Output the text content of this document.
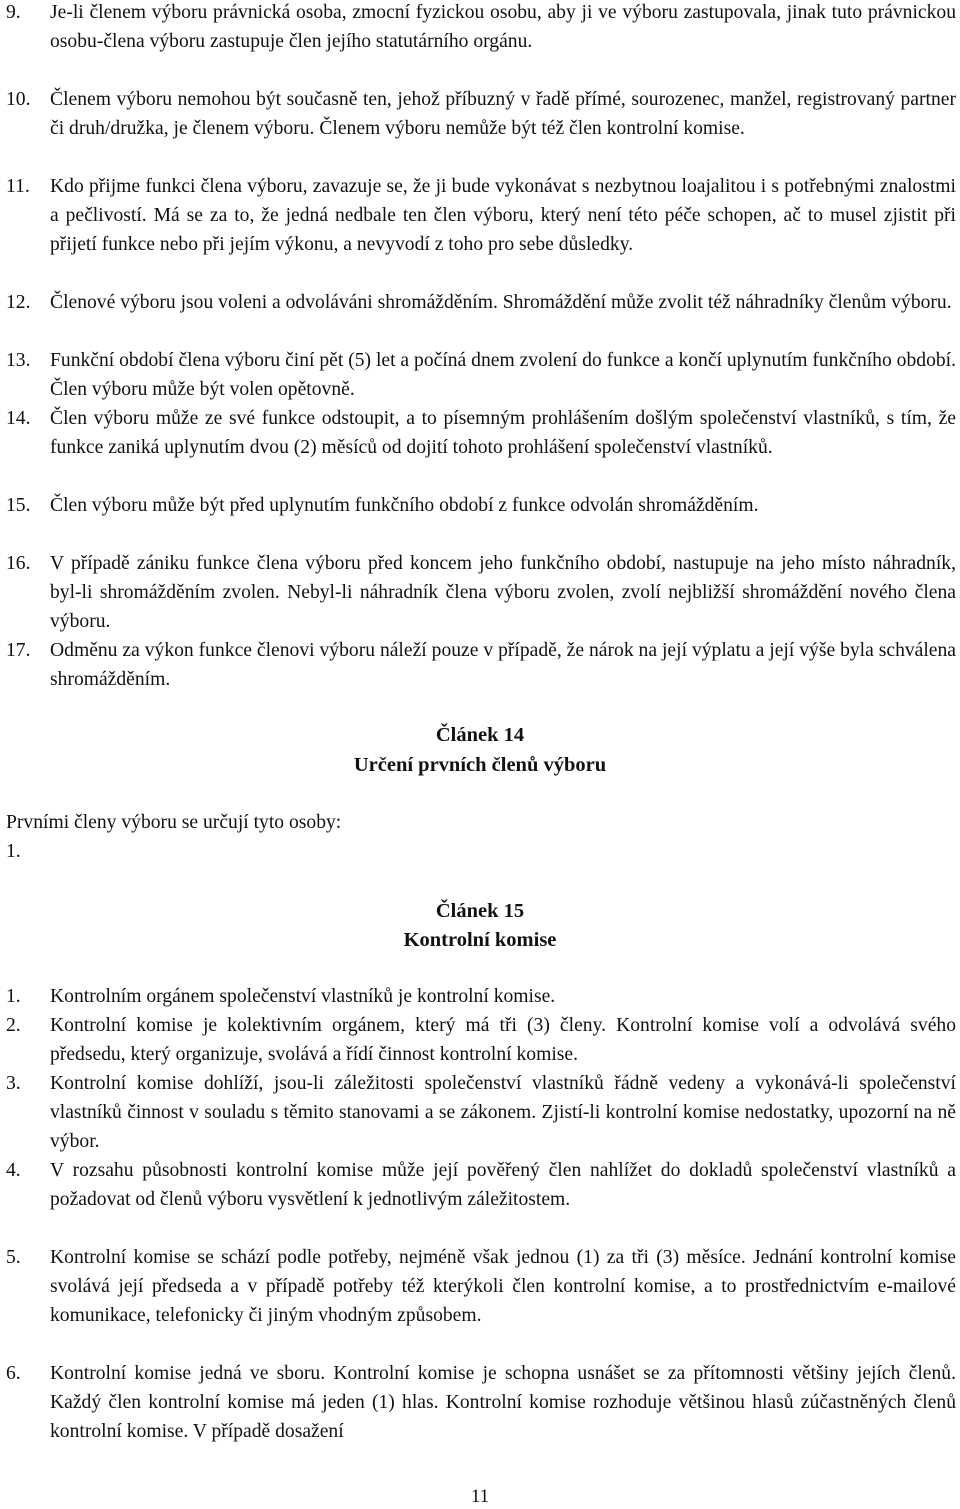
9. Je-li členem výboru právnická osoba, zmocní fyzickou osobu, aby ji ve výboru zastupovala, jinak tuto právnickou osobu-člena výboru zastupuje člen jejího statutárního orgánu.
10. Členem výboru nemohou být současně ten, jehož příbuzný v řadě přímé, sourozenec, manžel, registrovaný partner či druh/družka, je členem výboru. Členem výboru nemůže být též člen kontrolní komise.
11. Kdo přijme funkci člena výboru, zavazuje se, že ji bude vykonávat s nezbytnou loajalitou i s potřebnými znalostmi a pečlivostí. Má se za to, že jedná nedbale ten člen výboru, který není této péče schopen, ač to musel zjistit při přijetí funkce nebo při jejím výkonu, a nevyvodí z toho pro sebe důsledky.
12. Členové výboru jsou voleni a odvoláváni shromážděním. Shromáždění může zvolit též náhradníky členům výboru.
13. Funkční období člena výboru činí pět (5) let a počíná dnem zvolení do funkce a končí uplynutím funkčního období. Člen výboru může být volen opětovně.
14. Člen výboru může ze své funkce odstoupit, a to písemným prohlášením došlým společenství vlastníků, s tím, že funkce zaniká uplynutím dvou (2) měsíců od dojití tohoto prohlášení společenství vlastníků.
15. Člen výboru může být před uplynutím funkčního období z funkce odvolán shromážděním.
16. V případě zániku funkce člena výboru před koncem jeho funkčního období, nastupuje na jeho místo náhradník, byl-li shromážděním zvolen. Nebyl-li náhradník člena výboru zvolen, zvolí nejbližší shromáždění nového člena výboru.
17. Odměnu za výkon funkce členovi výboru náleží pouze v případě, že nárok na její výplatu a její výše byla schválena shromážděním.
Článek 14
Určení prvních členů výboru
Prvními členy výboru se určují tyto osoby:
1.
Článek 15
Kontrolní komise
1. Kontrolním orgánem společenství vlastníků je kontrolní komise.
2. Kontrolní komise je kolektivním orgánem, který má tři (3) členy. Kontrolní komise volí a odvolává svého předsedu, který organizuje, svolává a řídí činnost kontrolní komise.
3. Kontrolní komise dohlíží, jsou-li záležitosti společenství vlastníků řádně vedeny a vykonává-li společenství vlastníků činnost v souladu s těmito stanovami a se zákonem. Zjistí-li kontrolní komise nedostatky, upozorní na ně výbor.
4. V rozsahu působnosti kontrolní komise může její pověřený člen nahlížet do dokladů společenství vlastníků a požadovat od členů výboru vysvětlení k jednotlivým záležitostem.
5. Kontrolní komise se schází podle potřeby, nejméně však jednou (1) za tři (3) měsíce. Jednání kontrolní komise svolává její předseda a v případě potřeby též kterýkoli člen kontrolní komise, a to prostřednictvím e-mailové komunikace, telefonicky či jiným vhodným způsobem.
6. Kontrolní komise jedná ve sboru. Kontrolní komise je schopna usnášet se za přítomnosti většiny jejích členů. Každý člen kontrolní komise má jeden (1) hlas. Kontrolní komise rozhoduje většinou hlasů zúčastněných členů kontrolní komise. V případě dosažení
11
